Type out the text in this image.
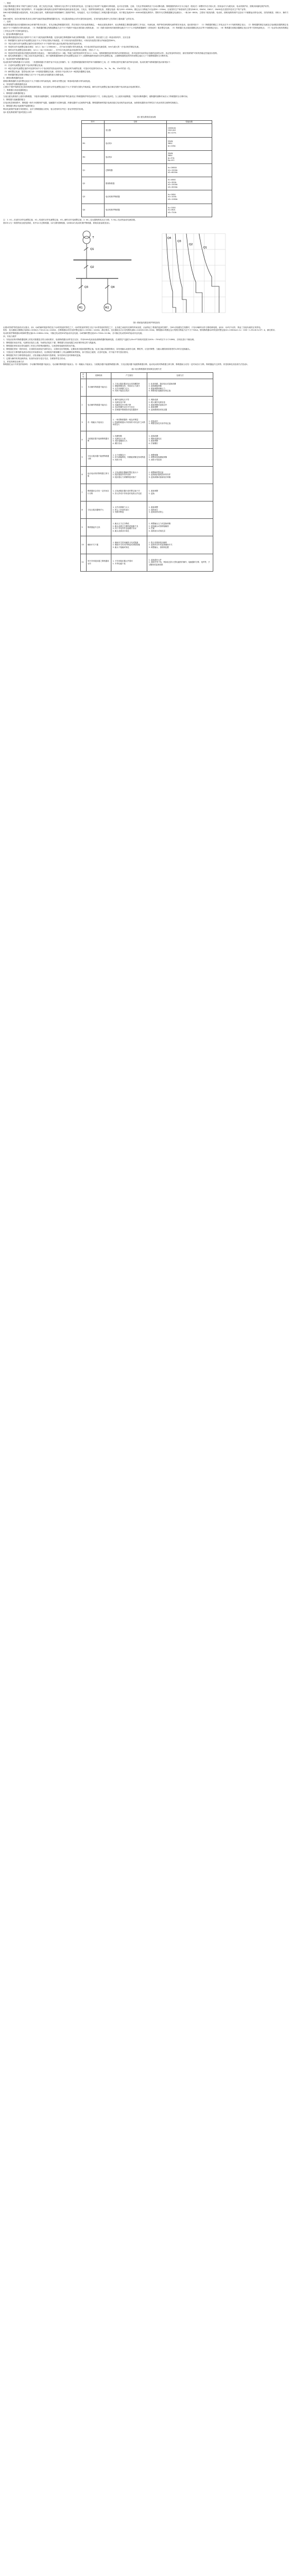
一、简述

万能式断路器主要用于保护交流电气设备，使之免受过电流、短路和欠电压等不正常情况的危害。它们能在正常条件下接通和分断线路，也可以在短路、过载、欠电压等故障情况下自动切断电路。断路器按结构可分为万能式（框架式）和塑料外壳式两大类；按用途可分为配电用、电动机保护用、照明用和漏电保护用等。

万能式断路器主要用于配电网络中，作为接通和分断电路以及保护线路和电源设备免受过载、欠电压、短路等故障的危害，其额定电流一般为200～6300A，额定运行分断能力可达到50～150kA。目前国内生产和使用的主要有DW15、DW16、DW17、DW45及引进国外技术生产的产品等。

DW15系列断路器为框架结构，具有过载长延时、短路短延时和短路瞬时三段保护特性，有电磁式、电子式和智能式三种脱扣器可供选择，用于额定电流200～4000A的配电网络中。塑料外壳式断路器额定电流较小，一般为6～800A，主要用于配电线路、电动机、照明电路的保护以及用于不频繁起动的电动机，其结构紧凑、体积小、操作方便。

DW16系列、DZ20系列和具有综合保护功能的智能型断路器的应用，可以提高系统运行的可靠性和选择性，在现代配电系统中已经得到了越来越广泛的应用。

二、选用

低压断路器的选用应根据使用场合和保护要求来进行，首先应确定断路器的类型，然后再进行具体参数的确定。一般低压配电系统中，低压断路器主要根据电路的工作电压、负载电流、保护特性和短路电流等要求来选用。选用原则如下：（1）断路器的额定工作电压应不小于线路的额定电压；（2）断路器的额定电流及过电流脱扣器的额定电流应不小于线路的计算负载电流；（3）断路器的额定短路通断能力应不小于线路中可能出现的最大短路电流；（4）线路末端单相对地短路电流应不小于1.25倍断路器瞬时（或短延时）脱扣整定电流；（5）断路器欠电压脱扣器额定电压应等于线路额定电压；（6）断路器分励脱扣器额定电压应等于控制电源电压；（7）电动传动机构的额定工作电压应等于控制电源电压。

1．配电用断路器的选用

配电用断路器是指在低压电网中专门用于分配电能的断路器，包括电源总断路器和负载支路断路器。在选用时，除应遵守上述一般选用原则外，还应注意：

（1）断路器的长延时动作电流整定值应不大于导线长期允许载流量。对于采用电线电缆的情况，可取电线电缆长期允许载流量的80%。

（2）3倍长延时动作电流整定值的可返回时间不小于线路中最大起动电流的电动机的起动时间。

（3）短延时动作电流整定值I应满足：I≥1.1（Ijx＋1.35KIdm）。式中Ijx为线路计算负载电流，K为电动机的起动电流倍数，Idm为最大的一台电动机的额定电流。

（4）瞬时动作电流整定值I应满足：I≥1.1（Ijx＋K1KIdm）。式中K1为电动机起动电流的冲击系数，可取1.7～2。

（5）短延时的时间阶段应按配电系统的分段而定。一般时间阶段为2～3级。每级之间的短延时时差为0.1～0.2s，视断路器短延时机构的动作精度而定，其可返回时间应保证各级的选择性动作。选定短延时阶段后，最好按被保护对象的热稳定性能加以校核。

（6）配电用断路器的上下级之间应有选择性配合，即下级断路器的瞬时动作电流整定值应小于上级断路器的短延时动作电流整定值，上级断路器短延时的时间整定值应大于下级断路器的全分断时间。

2．电动机保护用断路器的选用

电动机保护用断路器可分为两类：一类是断路器只作保护而不负担正常操作；另一类是断路器需兼作保护和不频繁操作之用。后一种情况需考虑操作条件和电寿命。电动机保护用断路器的选用原则如下：

（1）长延时电流整定值等于电动机的额定电流。

（2）6倍长延时电流整定值的可返回时间不小于电动机的实际起动时间。按起动时负载的轻重，可选用可返回时间为1s、3s、5s、8s、15s中的某一挡。

（3）瞬时整定电流：笼型电动机为8～15倍脱扣器额定电流；绕线转子电动机为3～6倍脱扣器额定电流。

（4）断路器的额定短路分断能力应不小于电动机出线端的最大短路电流。

3．照明用断路器的选用

照明用断路器的长延时整定值应不大于线路计算负载电流，瞬时动作整定值一般取6倍线路计算负载电流。

4．导线保护用断路器的选用

主要用于保护线路免受过载和短路故障的损害，其长延时动作电流整定值应不大于导线的长期允许载流量，瞬时动作电流整定值应满足线路中电动机起动电流的要求。

三、断路器与其他电器的配合

1．断路器与熔断器的配合

当低压配电系统的上级采用断路器、下级采用熔断器时，应使熔断器的保护特性曲线处于断路器保护特性曲线的下方，以保证选择性。当上级采用熔断器、下级采用断路器时，熔断器的熔断时间应大于断路器的全分断时间。

2．断路器与接触器的配合

在电动机控制回路中，断路器一般作为短路保护电器，接触器作为控制电器，热继电器作为过载保护电器。断路器的瞬时脱扣电流应躲过电动机的起动电流，而热继电器的动作特性应与电动机的过载特性相配合。

3．断路器与剩余电流保护装置的配合

剩余电流保护装置可单独使用，也可与断路器组合使用，组合使用时应考虑二者动作特性的协调。

表1 配电系统保护选择性配合示例

表1 配电系统设备参数
符号	名称	性能参数
	变压器	1000kVA
10/0.4kV
Uk=4.5%
M1	电动机1	55kW
380V
Ie=105A
M2	电动机2	30kW
380V
Ie=57A
Kq=6.5
Q1	总断路器	In=1600A
Ir1=1500A
Ir2=6000A
Q2	馈线断路器	In=400A
Ir1=300A
Ir2=1500A
Ir3=3000A
Q3	电动机保护断路器	In=160A
Ir1=105A
Ir3=1260A
Q4	电动机保护断路器	In=100A
Ir1=60A
Ir3=720A

注：1. Ir1—长延时动作电流整定值；Ir2—短延时动作电流整定值；Ir3—瞬时动作电流整定值；2. Uk—变压器短路电压百分数；3. Kq—电动机起动电流倍数。

图1所示为一典型的低压配电系统，其中Q1为总断路器，Q2为馈线断路器，Q3和Q4为电动机保护断路器，系统设备参数见表1。

T
Q1
Q2
Q3	Q4
M1	M2
Q4
Q3
Q2
Q1
图1 系统接线图及保护特性曲线

由图1的保护特性曲线可以看出，Q3、Q4的瞬时脱扣特性处于Q2的短延时特性之下，Q2的短延时特性又处于Q1的短延时特性之下，且各级之间留有足够的时间裕度，从而保证了系统的选择性保护。当M1出线端发生短路时，只有Q3瞬时动作分断故障电路，而Q2、Q1均不动作，保证了其他负载的正常供电。

校验：变压器低压侧额定电流Ie=1000/(1.732×0.4)=1443A，总断路器Q1的长延时整定值Ir1=1500A＞1443A，满足要求。变压器低压出口处短路电流Ik=1443/0.045=32kA，断路器Q1的额定运行短路分断能力应不小于32kA。馈线断路器Q2的短延时整定值Ir2=1500A≥1.1×（200＋1.35×6.5×57）A，满足要求。

电动机保护断路器Q3的瞬时整定值Ir3=1260A=12Ie，可躲过电动机M1的起动冲击电流；Q4的瞬时整定值Ir3=720A=12.6Ie，亦可躲过电动机M2的起动冲击电流。

四、安装与维护

1．安装前应核对断路器铭牌上的技术数据是否符合使用要求，检查断路器各部件是否完好，并用500V兆欧表检查断路器的绝缘电阻，在周围空气温度为20±5℃和相对湿度为50%～70%时应不小于10MΩ，否则应进行干燥处理。

2．断路器应垂直安装，电源线应接在上端，负载线应接在下端；断路器与其他电器之间应保持规定的飞弧距离。

3．断路器在使用前应将电磁铁工作面上的防锈油脂擦去，以免影响电磁机构的动作值。

4．断路器在使用一段时间后，应清除其表面及内部的灰尘，以保持良好的绝缘。定期检查各脱扣器的整定值，检查主触头的磨损情况，如发现触头表面有毛刺、颗粒等，应及时修整；当触头磨损到原厚度的1/3时应更换触头。

5．灭弧室在分断短路电流后或较长时间使用后，应清除其内壁和栅片上的金属颗粒和黑烟灰，如灭弧室已破损，应及时更换，决不能不带灭弧室使用。

6．断路器在每次分断短路电流后，应检查触头系统和灭弧系统，如有损坏应及时修理或更换。

7．定期为操作机构加润滑油，检查传动部分是否灵活，各紧固件是否松动。

五、常见故障及处理方法

断路器在运行中常见的故障有：手动操作断路器不能闭合、电动操作断路器不能闭合、有一相触头不能闭合、分励脱扣器不能使断路器分断、欠电压脱扣器不能使断路器分断、起动电动机时断路器立即分断、断路器闭合后经一定时间自行分断、断路器温升过高等。常见故障及其处理方法见表2。

表2 低压断路器常见故障及处理方法
序号	故障现象	产生原因	处理方法
1	手动操作断路器不能闭合	1. 欠电压脱扣器无电压或线圈损坏
2. 储能弹簧变形，导致闭合力减小
3. 反作用弹簧力过大
4. 机构不能复位再扣	1. 检查线路，施加电压或更换线圈
2. 更换储能弹簧
3. 重新调整弹簧反力
4. 调整再扣接触面至规定值
2	电动操作断路器不能闭合	1. 操作电源电压不符
2. 电源容量不够
3. 电磁铁拉杆行程不够
4. 电动机操作定位开关变位
5. 控制器中整流管或电容器损坏	1. 调换电源
2. 增大操作电源容量
3. 重新调整或更换拉杆
4. 重新调整
5. 更换整流管或电容器
3	有一相触头不能闭合	1. 一般型断路器的一相连杆断裂
2. 限流断路器斥开机构的可折连杆之间的角度变大	1. 更换连杆
2. 调整至原技术条件规定值
4	分励脱扣器不能使断路器分断	1. 线圈短路
2. 电源电压太低
3. 再扣接触面太大
4. 螺钉松动	1. 更换线圈
2. 调换电源电压
3. 重新调整
4. 拧紧螺钉
5	欠电压脱扣器不能使断路器分断	1. 反力弹簧变小
2. 如为储能释放，则储能弹簧变形或断裂
3. 机构卡死	1. 调整弹簧
2. 调整或更换储能弹簧
3. 消除卡死原因
6	起动电动机时断路器立即分断	1. 过电流脱扣器瞬时整定值太小
2. 脱扣器某些零件损坏
3. 脱扣器反力弹簧断裂或落下	1. 调整瞬时整定值
2. 更换脱扣器或损坏的零件
3. 更换弹簧或重新装好弹簧
7	断路器闭合后经一定时间自行分断	1. 过电流脱扣器长延时整定值不对
2. 热元件或半导体延时电路元件变质	1. 重新调整
2. 更换
8	欠电压脱扣器噪声大	1. 反作用弹簧力太大
2. 铁心工作面有油污
3. 短路环断裂	1. 重新调整
2. 清除油污
3. 更换衔铁或铁心
9	断路器温升过高	1. 触头压力过分降低
2. 触头表面过分磨损或接触不良
3. 两个导电零件连接螺钉松动
4. 触头表面油污氧化	1. 调整触头压力或更换弹簧
2. 更换触头或清理接触面
3. 拧紧
4. 清除油污或氧化层
10	辅助开关不通	1. 辅助开关的动触桥卡死或脱落
2. 辅助开关传动杆断裂或滚轮脱落
3. 触头不接触或氧化	1. 拨正或重新装好触桥
2. 更换传动杆或更换辅助开关
3. 调整触头，清理氧化膜
11	带半导体脱扣器之断路器误动作	1. 半导体脱扣器元件损坏
2. 外界电磁干扰	1. 更换损坏元件
2. 清除外界干扰，例如临近的大型电磁铁的操作，接触器的分断、电焊等，予以隔离或更换线路
